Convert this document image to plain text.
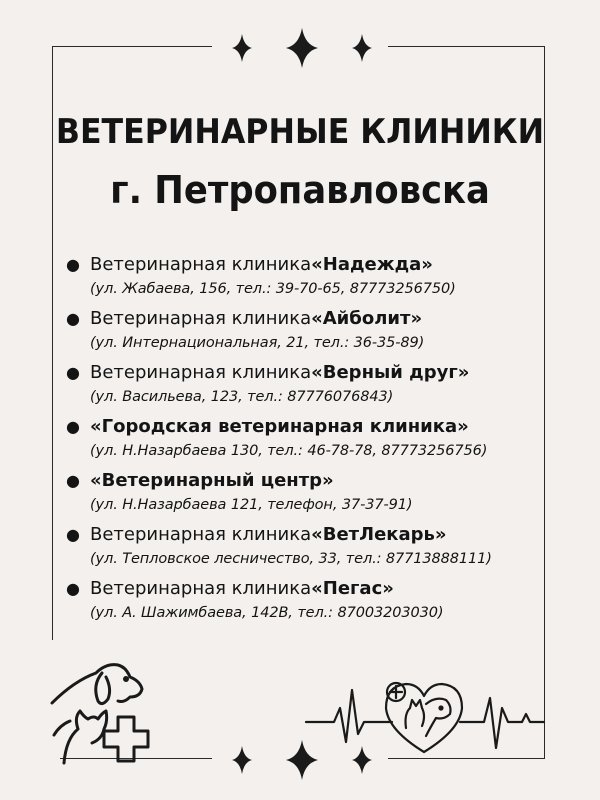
ВЕТЕРИНАРНЫЕ КЛИНИКИ
г. Петропавловска
● Ветеринарная клиника «Надежда»
(ул. Жабаева, 156, тел.: 39-70-65, 87773256750)
● Ветеринарная клиника «Айболит»
(ул. Интернациональная, 21, тел.: 36-35-89)
● Ветеринарная клиника «Верный друг»
(ул. Васильева, 123, тел.: 87776076843)
● «Городская ветеринарная клиника»
(ул. Н.Назарбаева 130, тел.: 46-78-78, 87773256756)
● «Ветеринарный центр»
(ул. Н.Назарбаева 121, телефон, 37-37-91)
● Ветеринарная клиника «ВетЛекарь»
(ул. Тепловское лесничество, 33, тел.: 87713888111)
● Ветеринарная клиника «Пегас»
(ул. А. Шажимбаева, 142В, тел.: 87003203030)
